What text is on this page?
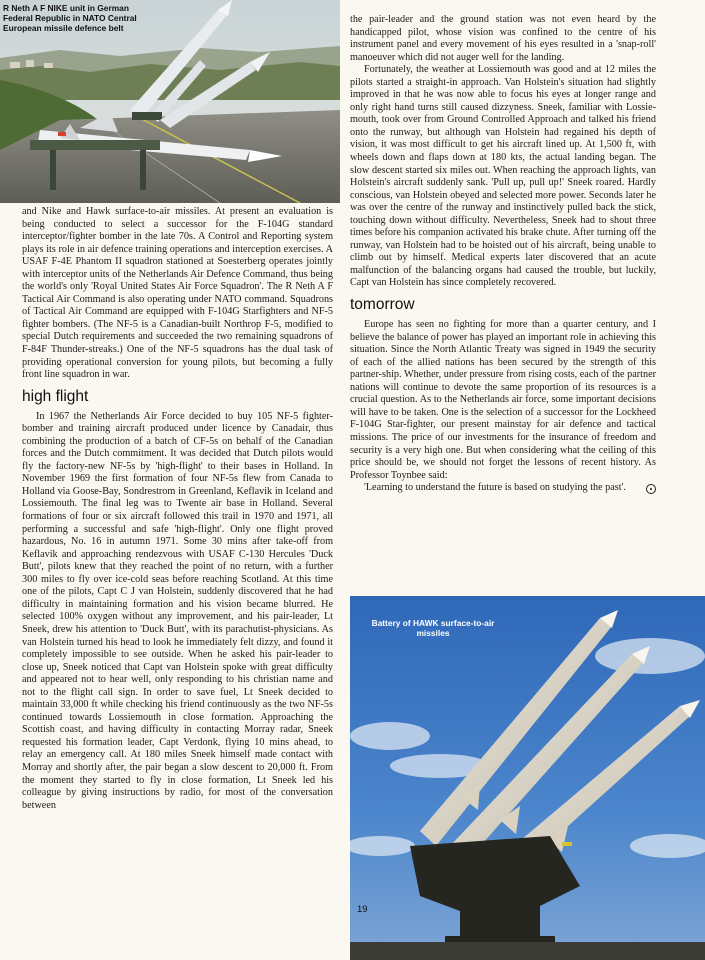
R Neth A F NIKE unit in German Federal Republic in NATO Central European missile defence belt

and Nike and Hawk surface-to-air missiles. At present an evaluation is being conducted to select a successor for the F-104G standard interceptor/fighter bomber in the late 70s. A Control and Reporting system plays its role in air defence training operations and interception exercises. A USAF F-4E Phantom II squadron stationed at Soesterberg operates jointly with interceptor units of the Netherlands Air Defence Command, thus being the world's only 'Royal United States Air Force Squadron'. The R Neth A F Tactical Air Command is also operating under NATO command. Squadrons of Tactical Air Command are equipped with F-104G Starfighters and NF-5 fighter bombers. (The NF-5 is a Canadian-built Northrop F-5, modified to special Dutch requirements and succeeded the two remaining squadrons of F-84F Thunder-streaks.) One of the NF-5 squadrons has the dual task of providing operational conversion for young pilots, but becoming a fully front line squadron in war.

high flight

In 1967 the Netherlands Air Force decided to buy 105 NF-5 fighter-bomber and training aircraft produced under licence by Canadair, thus combining the production of a batch of CF-5s on behalf of the Canadian forces and the Dutch commitment. It was decided that Dutch pilots would fly the factory-new NF-5s by 'high-flight' to their bases in Holland. In November 1969 the first formation of four NF-5s flew from Canada to Holland via Goose-Bay, Sondrestrom in Greenland, Keflavik in Iceland and Lossiemouth. The final leg was to Twente air base in Holland. Several formations of four or six aircraft followed this trail in 1970 and 1971, all performing a successful and safe 'high-flight'. Only one flight proved hazardous, No. 16 in autumn 1971. Some 30 mins after take-off from Keflavik and approaching rendezvous with USAF C-130 Hercules 'Duck Butt', pilots knew that they reached the point of no return, with a further 300 miles to fly over ice-cold seas before reaching Scotland. At this time one of the pilots, Capt C J van Holstein, suddenly discovered that he had difficulty in maintaining formation and his vision became blurred. He selected 100% oxygen without any improvement, and his pair-leader, Lt Sneek, drew his attention to 'Duck Butt', with its parachutist-physicians. As van Holstein turned his head to look he immediately felt dizzy, and found it completely impossible to see outside. When he asked his pair-leader to close up, Sneek noticed that Capt van Holstein spoke with great difficulty and appeared not to hear well, only responding to his christian name and not to the flight call sign. In order to save fuel, Lt Sneek decided to maintain 33,000 ft while checking his friend continuously as the two NF-5s continued towards Lossiemouth in close formation. Approaching the Scottish coast, and having difficulty in contacting Morray radar, Sneek requested his formation leader, Capt Verdonk, flying 10 mins ahead, to relay an emergency call. At 180 miles Sneek himself made contact with Morray and shortly after, the pair began a slow descent to 20,000 ft. From the moment they started to fly in close formation, Lt Sneek led his colleague by giving instructions by radio, for most of the conversation between

the pair-leader and the ground station was not even heard by the handicapped pilot, whose vision was confined to the centre of his instrument panel and every movement of his eyes resulted in a 'snap-roll' manoeuver which did not auger well for the landing.

Fortunately, the weather at Lossiemouth was good and at 12 miles the pilots started a straight-in approach. Van Holstein's situation had slightly improved in that he was now able to focus his eyes at longer range and only right hand turns still caused dizzyness. Sneek, familiar with Lossie-mouth, took over from Ground Controlled Approach and talked his friend onto the runway, but although van Holstein had regained his depth of vision, it was most difficult to get his aircraft lined up. At 1,500 ft, with wheels down and flaps down at 180 kts, the actual landing began. The slow descent started six miles out. When reaching the approach lights, van Holstein's aircraft suddenly sank. 'Pull up, pull up!' Sneek roared. Hardly conscious, van Holstein obeyed and selected more power. Seconds later he was over the centre of the runway and instinctively pulled back the stick, touching down without difficulty. Nevertheless, Sneek had to shout three times before his companion activated his brake chute. After turning off the runway, van Holstein had to be hoisted out of his aircraft, being unable to climb out by himself. Medical experts later discovered that an acute malfunction of the balancing organs had caused the trouble, but luckily, Capt van Holstein has since completely recovered.

tomorrow

Europe has seen no fighting for more than a quarter century, and I believe the balance of power has played an important role in achieving this situation. Since the North Atlantic Treaty was signed in 1949 the security of each of the allied nations has been secured by the strength of this partner-ship. Whether, under pressure from rising costs, each of the partner nations will continue to devote the same proportion of its resources is a crucial question. As to the Netherlands air force, some important decisions will have to be taken. One is the selection of a successor for the Lockheed F-104G Star-fighter, our present mainstay for air defence and tactical missions. The price of our investments for the insurance of freedom and security is a very high one. But when considering what the ceiling of this price should be, we should not forget the lessons of recent history. As Professor Toynbee said:

'Learning to understand the future is based on studying the past'.

Battery of HAWK surface-to-air missiles
19
